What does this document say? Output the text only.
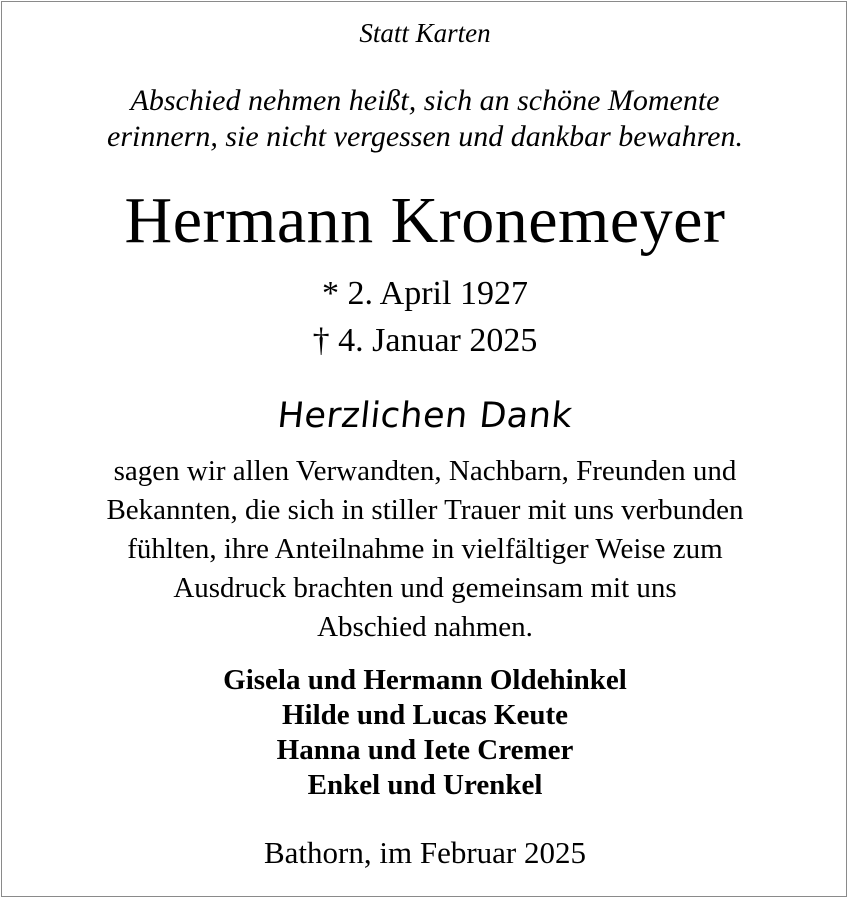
Statt Karten
Abschied nehmen heißt, sich an schöne Momente
erinnern, sie nicht vergessen und dankbar bewahren.
Hermann Kronemeyer
* 2. April 1927
† 4. Januar 2025
Herzlichen Dank
sagen wir allen Verwandten, Nachbarn, Freunden und
Bekannten, die sich in stiller Trauer mit uns verbunden
fühlten, ihre Anteilnahme in vielfältiger Weise zum
Ausdruck brachten und gemeinsam mit uns
Abschied nahmen.
Gisela und Hermann Oldehinkel
Hilde und Lucas Keute
Hanna und Iete Cremer
Enkel und Urenkel
Bathorn, im Februar 2025
